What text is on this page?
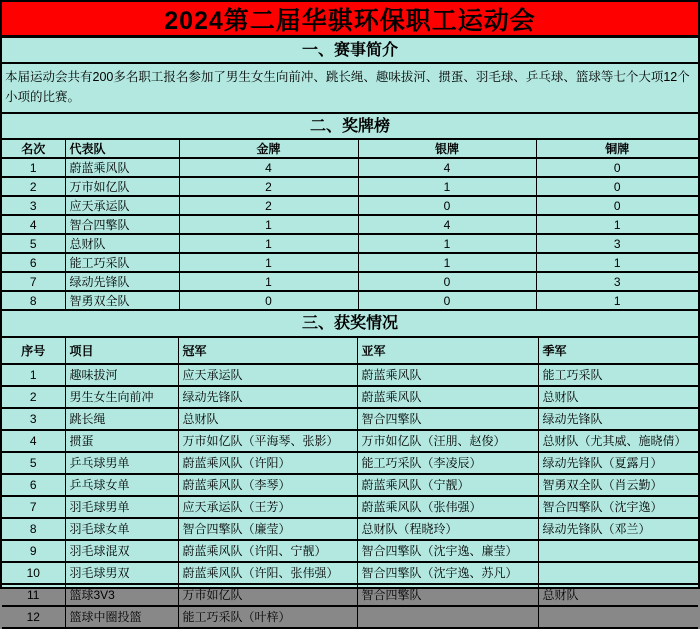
2024第二届华骐环保职工运动会
一、赛事简介
本届运动会共有200多名职工报名参加了男生女生向前冲、跳长绳、趣味拔河、掼蛋、羽毛球、乒乓球、篮球等七个大项12个小项的比赛。
二、奖牌榜
名次	代表队	金牌	银牌	铜牌
1	蔚蓝乘风队	4	4	0
2	万市如亿队	2	1	0
3	应天承运队	2	0	0
4	智合四擎队	1	4	1
5	总财队	1	1	3
6	能工巧采队	1	1	1
7	绿动先锋队	1	0	3
8	智勇双全队	0	0	1
三、获奖情况
序号	项目	冠军	亚军	季军
1	趣味拔河	应天承运队	蔚蓝乘风队	能工巧采队
2	男生女生向前冲	绿动先锋队	蔚蓝乘风队	总财队
3	跳长绳	总财队	智合四擎队	绿动先锋队
4	掼蛋	万市如亿队（平海琴、张影）	万市如亿队（汪朋、赵俊）	总财队（尤其威、施晓倩）
5	乒乓球男单	蔚蓝乘风队（许阳）	能工巧采队（李凌辰）	绿动先锋队（夏露月）
6	乒乓球女单	蔚蓝乘风队（李琴）	蔚蓝乘风队（宁靓）	智勇双全队（肖云勤）
7	羽毛球男单	应天承运队（王芳）	蔚蓝乘风队（张伟强）	智合四擎队（沈宇逸）
8	羽毛球女单	智合四擎队（廉莹）	总财队（程晓玲）	绿动先锋队（邓兰）
9	羽毛球混双	蔚蓝乘风队（许阳、宁靓）	智合四擎队（沈宇逸、廉莹）	
10	羽毛球男双	蔚蓝乘风队（许阳、张伟强）	智合四擎队（沈宇逸、苏凡）	
11	篮球3V3	万市如亿队	智合四擎队	总财队
12	篮球中圈投篮	能工巧采队（叶梓）		
